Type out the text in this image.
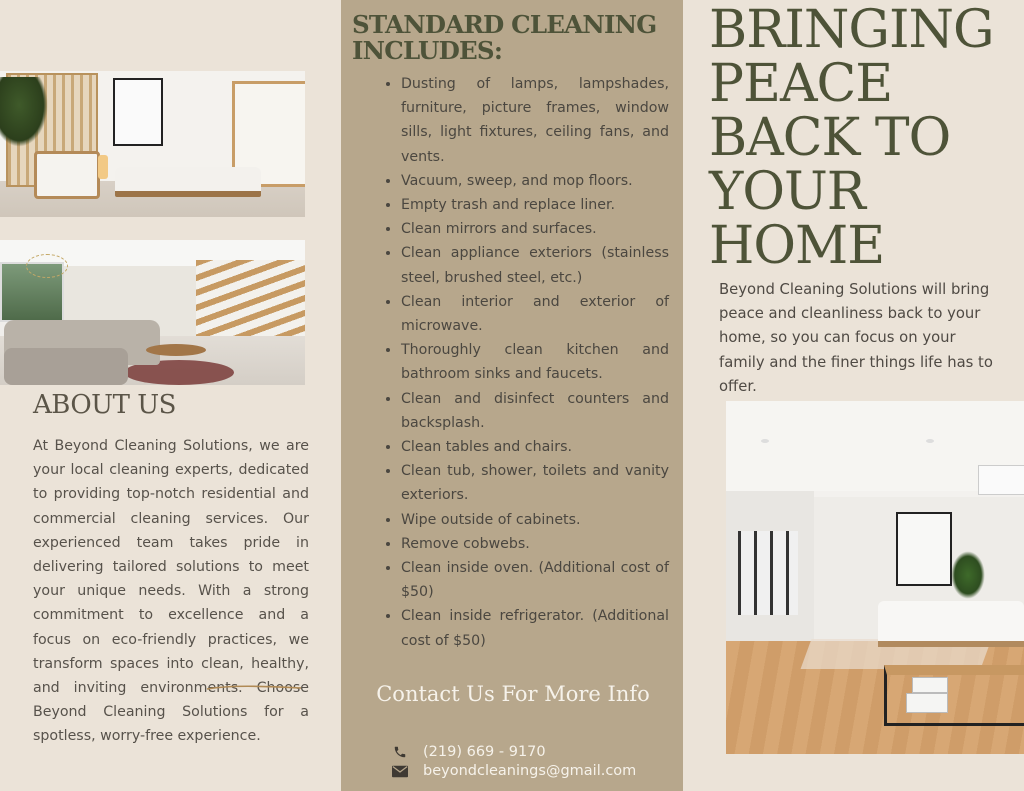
ABOUT US

At Beyond Cleaning Solutions, we are your local cleaning experts, dedicated to providing top-notch residential and commercial cleaning services. Our experienced team takes pride in delivering tailored solutions to meet your unique needs. With a strong commitment to excellence and a focus on eco-friendly practices, we transform spaces into clean, healthy, and inviting environments. Choose Beyond Cleaning Solutions for a spotless, worry-free experience.

STANDARD CLEANING INCLUDES:
• Dusting of lamps, lampshades, furniture, picture frames, window sills, light fixtures, ceiling fans, and vents.
• Vacuum, sweep, and mop floors.
• Empty trash and replace liner.
• Clean mirrors and surfaces.
• Clean appliance exteriors (stainless steel, brushed steel, etc.)
• Clean interior and exterior of microwave.
• Thoroughly clean kitchen and bathroom sinks and faucets.
• Clean and disinfect counters and backsplash.
• Clean tables and chairs.
• Clean tub, shower, toilets and vanity exteriors.
• Wipe outside of cabinets.
• Remove cobwebs.
• Clean inside oven. (Additional cost of $50)
• Clean inside refrigerator. (Additional cost of $50)
Contact Us For More Info
(219) 669 - 9170
beyondcleanings@gmail.com
BRINGING PEACE BACK TO YOUR HOME

Beyond Cleaning Solutions will bring peace and cleanliness back to your home, so you can focus on your family and the finer things life has to offer.
